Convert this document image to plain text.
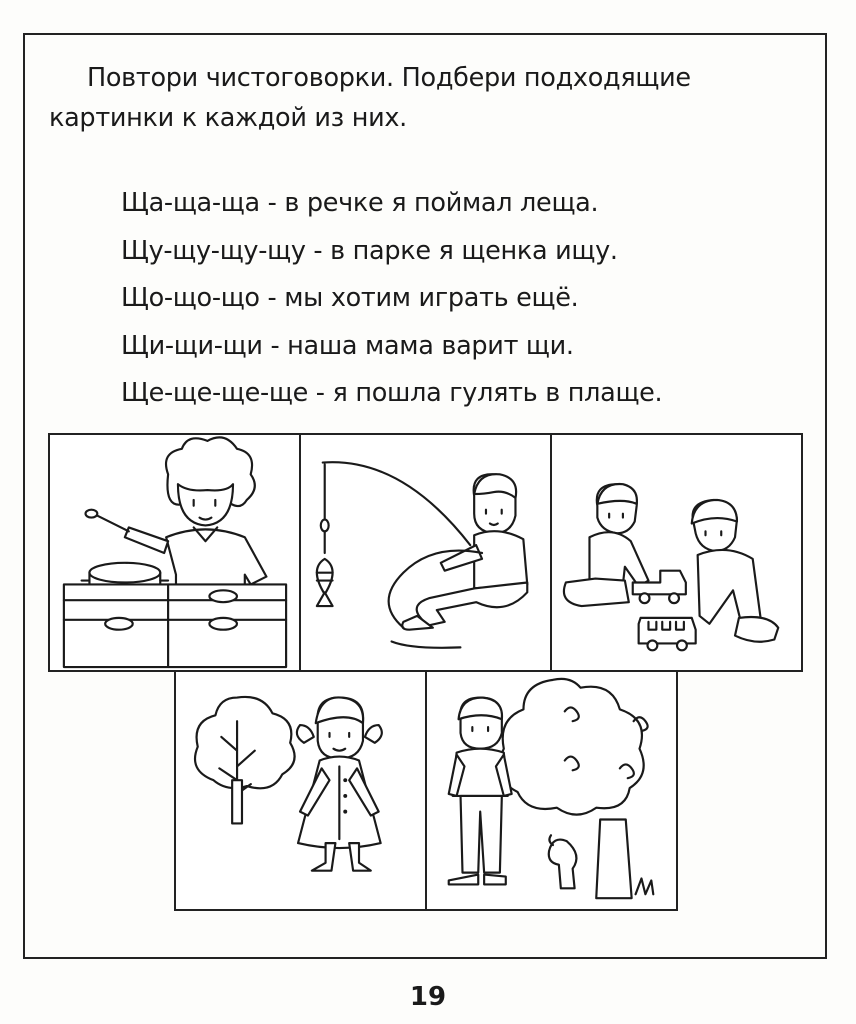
Повтори чистоговорки. Подбери подходящие
картинки к каждой из них.
Ща-ща-ща - в речке я поймал леща.
Щу-щу-щу-щу - в парке я щенка ищу.
Що-що-що - мы хотим играть ещё.
Щи-щи-щи - наша мама варит щи.
Ще-ще-ще-ще - я пошла гулять в плаще.
19
